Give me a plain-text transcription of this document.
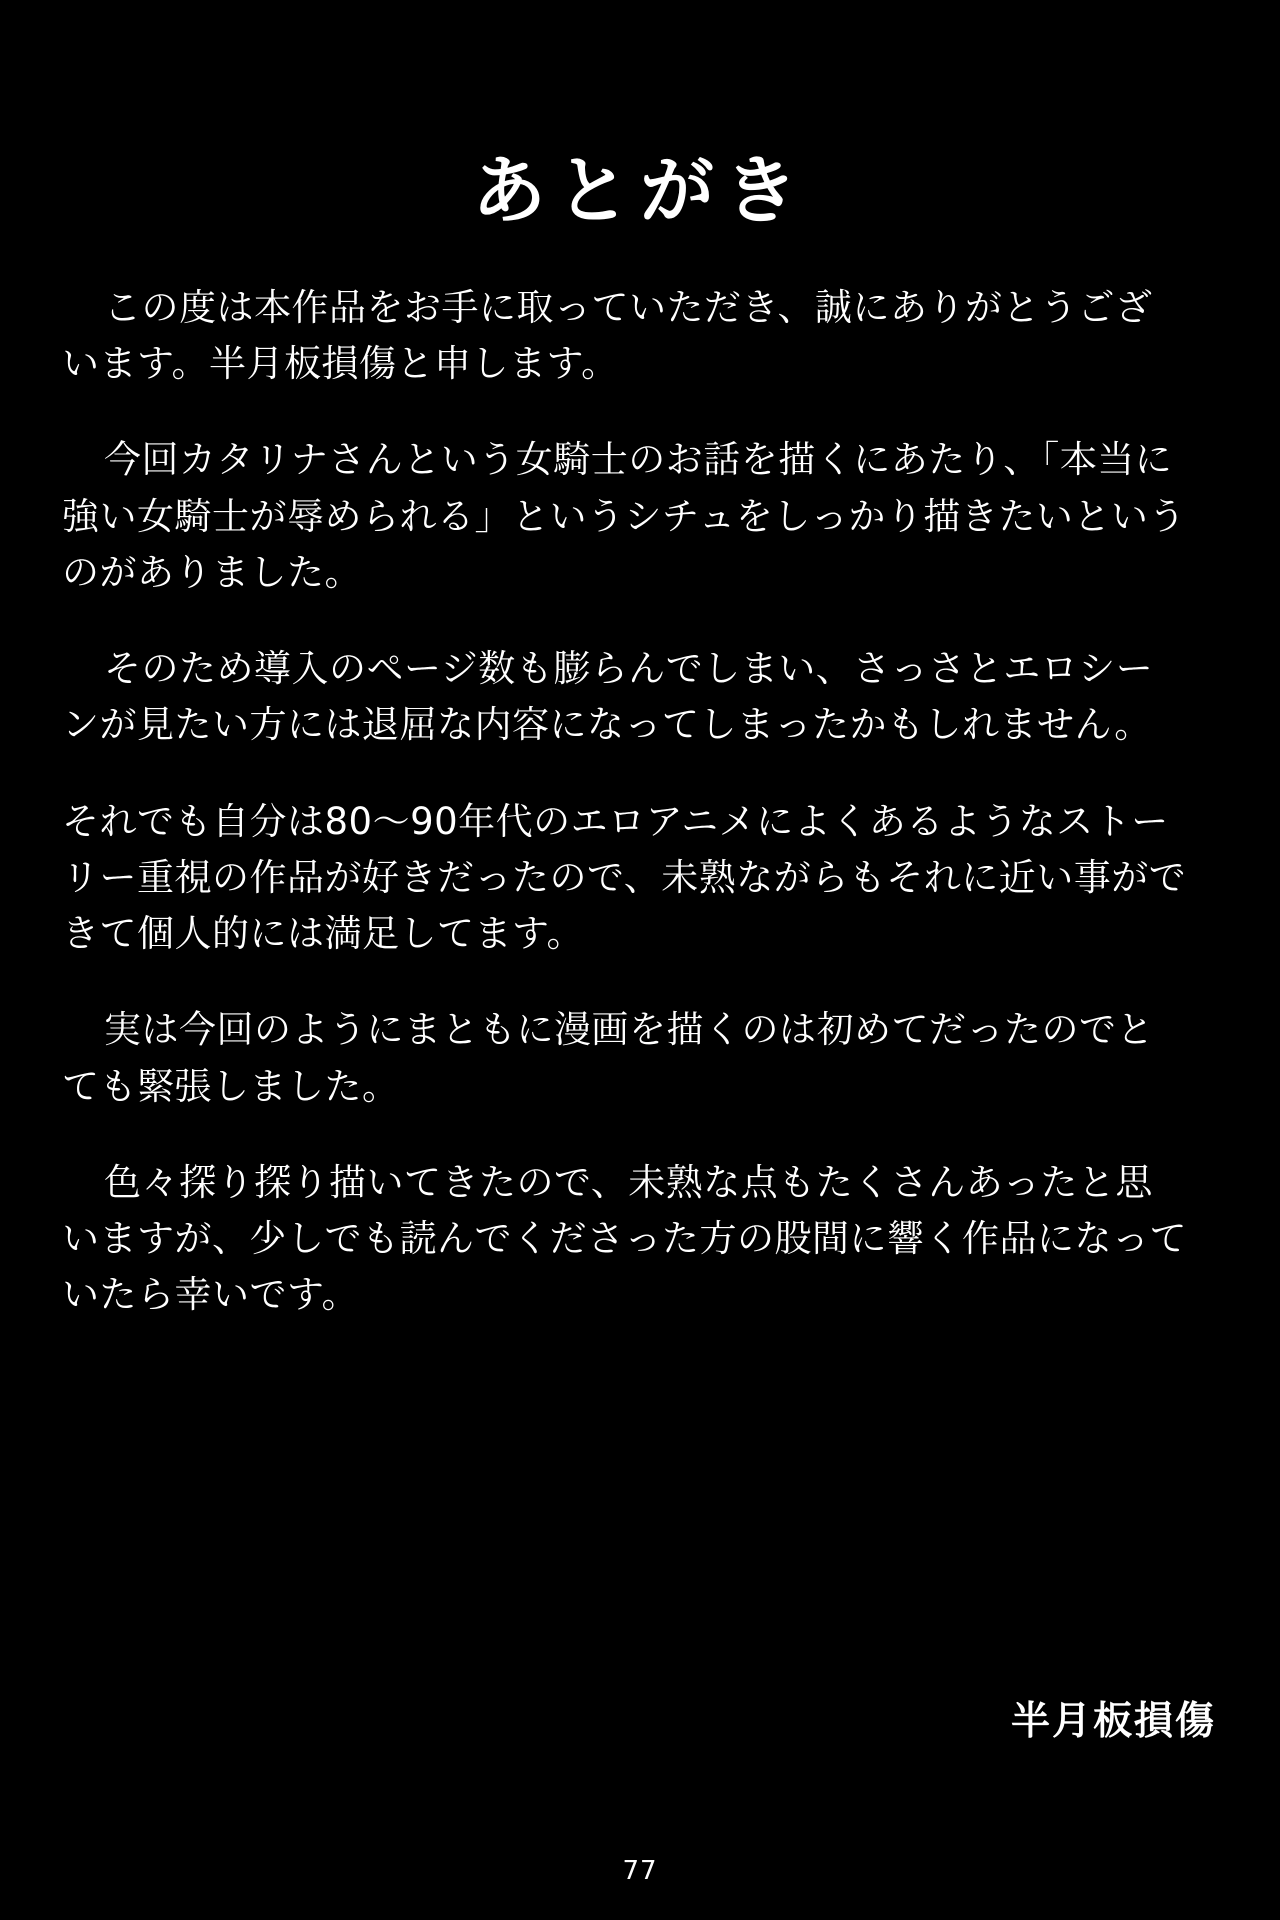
あとがき

この度は本作品をお手に取っていただき、誠にありがとうございます。半月板損傷と申します。

今回カタリナさんという女騎士のお話を描くにあたり、「本当に強い女騎士が辱められる」というシチュをしっかり描きたいというのがありました。

そのため導入のページ数も膨らんでしまい、さっさとエロシーンが見たい方には退屈な内容になってしまったかもしれません。

それでも自分は80〜90年代のエロアニメによくあるようなストーリー重視の作品が好きだったので、未熟ながらもそれに近い事ができて個人的には満足してます。

実は今回のようにまともに漫画を描くのは初めてだったのでとても緊張しました。

色々探り探り描いてきたので、未熟な点もたくさんあったと思いますが、少しでも読んでくださった方の股間に響く作品になっていたら幸いです。

半月板損傷
77
